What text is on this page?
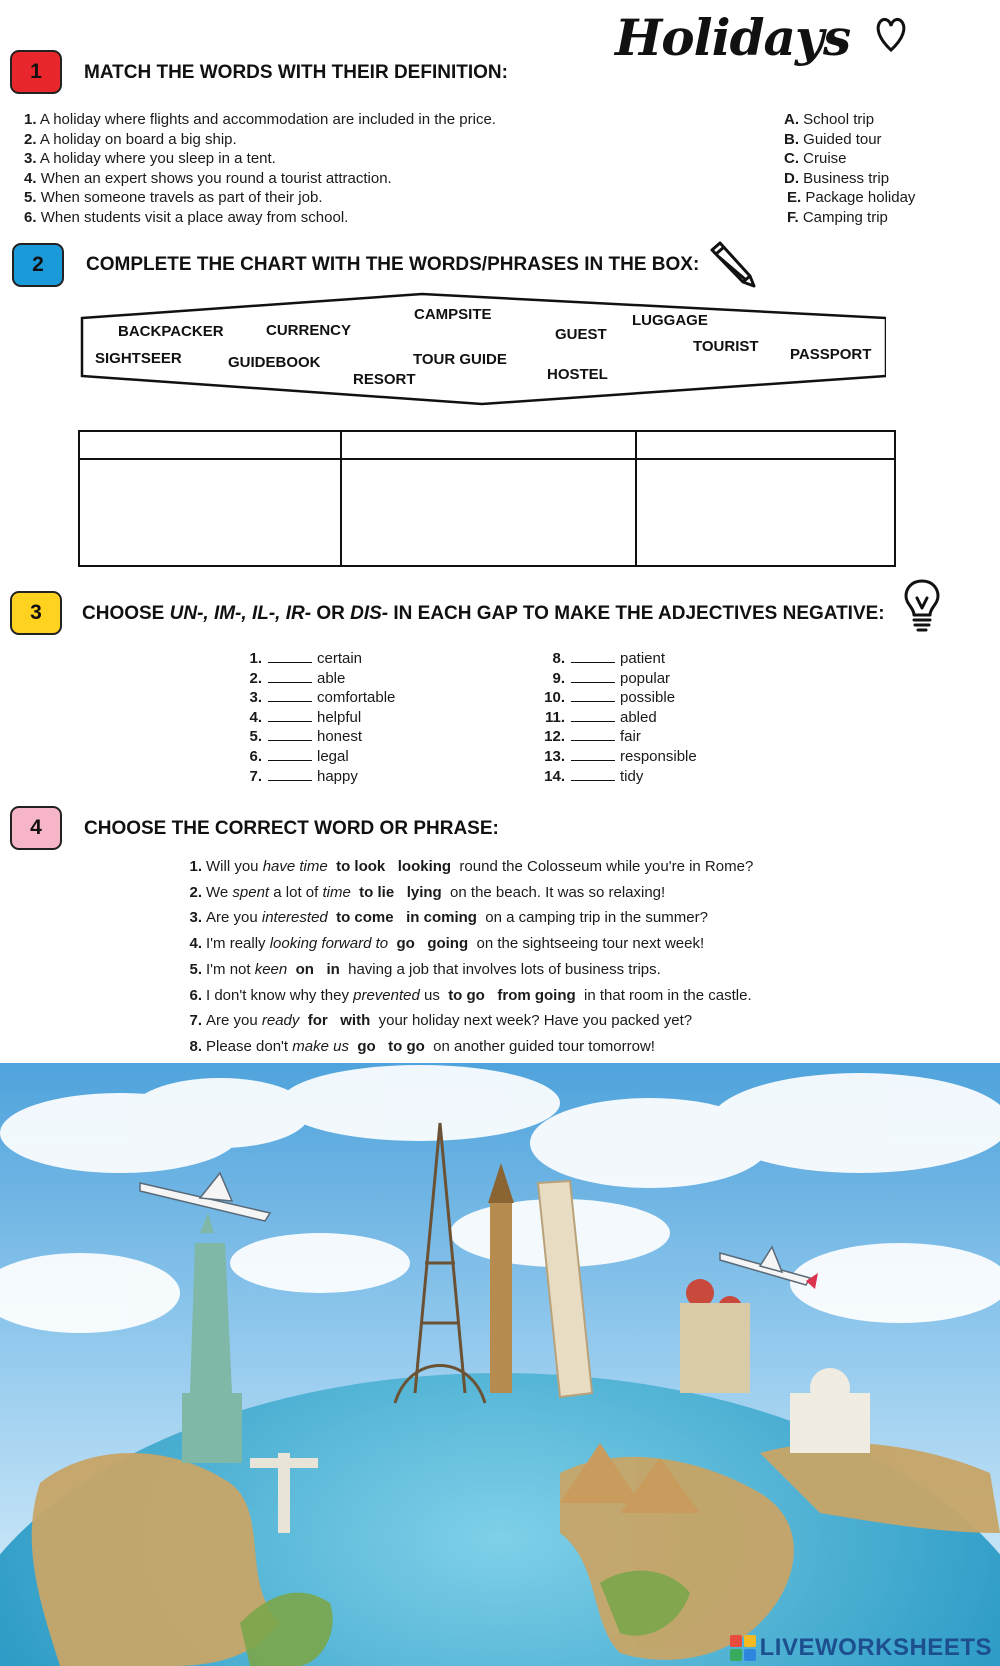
Holidays
1	MATCH THE WORDS WITH THEIR DEFINITION:
1. A holiday where flights and accommodation are included in the price.
2. A holiday on board a big ship.
3. A holiday where you sleep in a tent.
4. When an expert shows you round a tourist attraction.
5. When someone travels as part of their job.
6. When students visit a place away from school.
A. School trip
B. Guided tour
C. Cruise
D. Business trip
E. Package holiday
F. Camping trip
2	COMPLETE THE CHART WITH THE WORDS/PHRASES IN THE BOX:
BACKPACKER	CURRENCY
CAMPSITE
GUEST
LUGGAGE
TOURIST PASSPORT
SIGHTSEER	GUIDEBOOK	TOUR GUIDE
RESORT	HOSTEL
3	CHOOSE UN-, IM-, IL-, IR- OR DIS- IN EACH GAP TO MAKE THE ADJECTIVES NEGATIVE:
1.	certain
2.	able
3.	comfortable
4.	helpful
5.	honest
6.	legal
7.	happy
8.	patient
9.	popular
10.	possible
11.	abled
12.	fair
13.	responsible
14.	tidy
4	CHOOSE THE CORRECT WORD OR PHRASE:
1. Will you have time to look looking  round the Colosseum while you're in Rome?
2. We spent a lot of time to lie lying  on the beach. It was so relaxing!
3. Are you interested to come in coming  on a camping trip in the summer?
4. I'm really looking forward to go going  on the sightseeing tour next week!
5. I'm not keen on in  having a job that involves lots of business trips.
6. I don't know why they prevented us to go from going  in that room in the castle.
7. Are you ready for with  your holiday next week? Have you packed yet?
8. Please don't make us go to go  on another guided tour tomorrow!
LIVEWORKSHEETS
